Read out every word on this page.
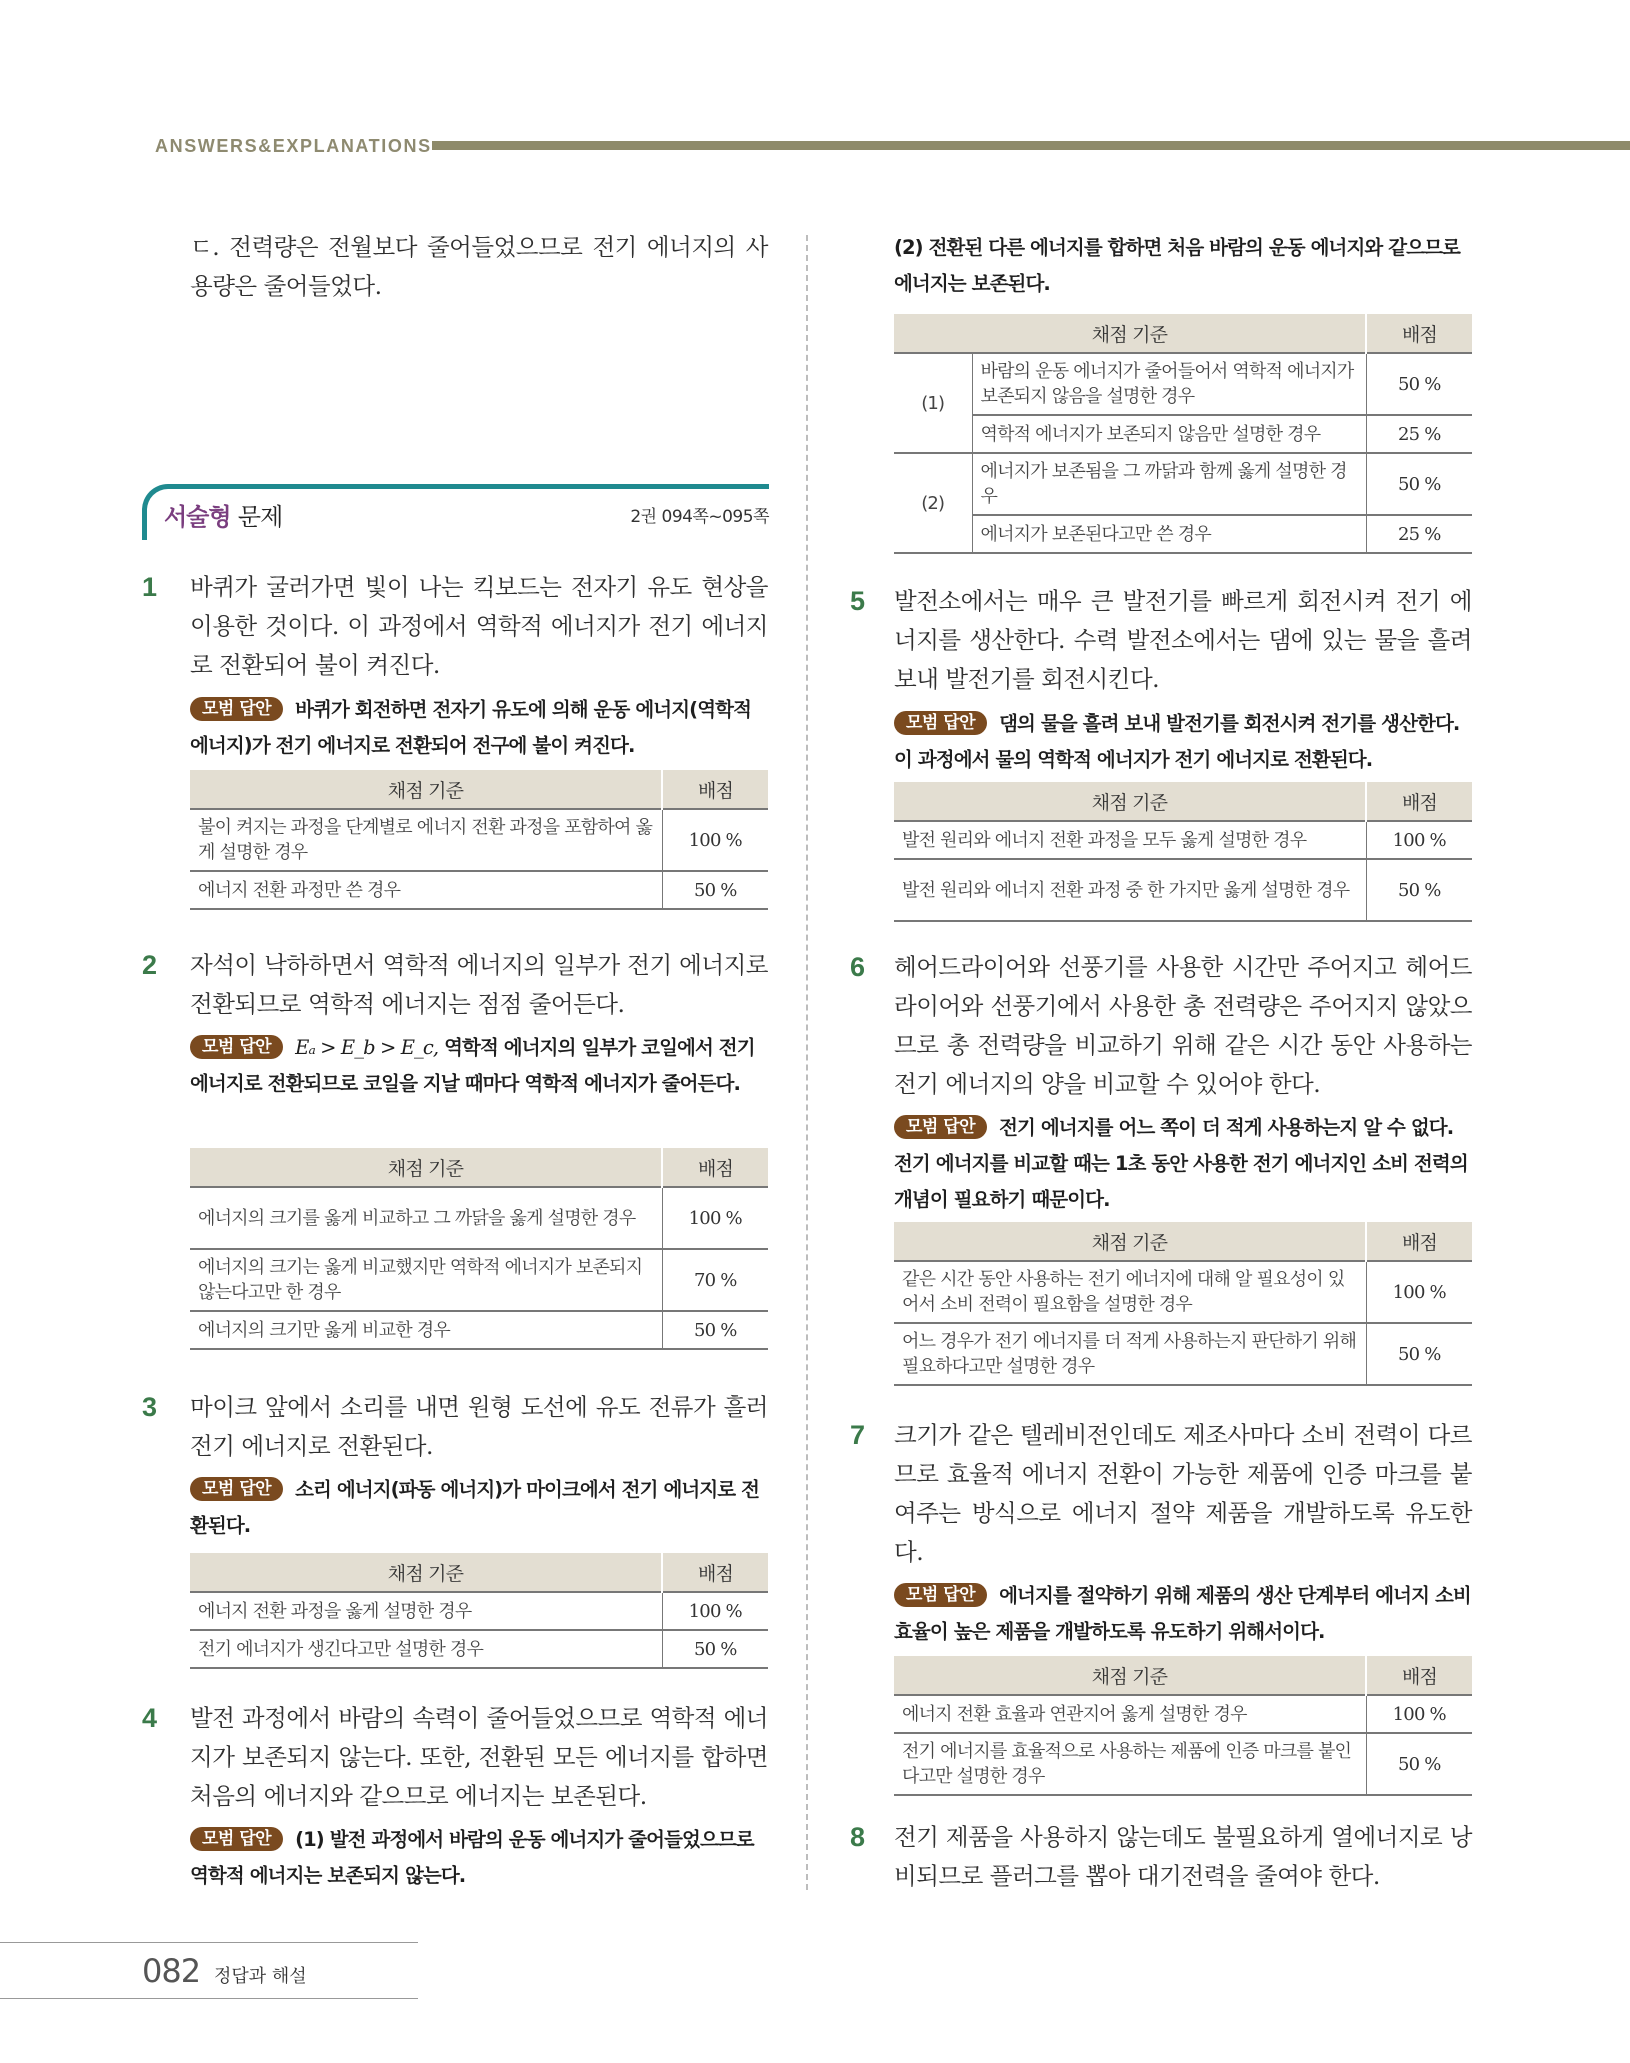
ANSWERS&EXPLANATIONS
ㄷ. 전력량은 전월보다 줄어들었으므로 전기 에너지의 사용량은 줄어들었다.
서술형 문제	2권 094쪽~095쪽
1 바퀴가 굴러가면 빛이 나는 킥보드는 전자기 유도 현상을 이용한 것이다. 이 과정에서 역학적 에너지가 전기 에너지로 전환되어 불이 켜진다.
모범 답안 바퀴가 회전하면 전자기 유도에 의해 운동 에너지(역학적 에너지)가 전기 에너지로 전환되어 전구에 불이 켜진다.
채점 기준	배점
불이 켜지는 과정을 단계별로 에너지 전환 과정을 포함하여 옳게 설명한 경우	100 %
에너지 전환 과정만 쓴 경우	50 %
2 자석이 낙하하면서 역학적 에너지의 일부가 전기 에너지로 전환되므로 역학적 에너지는 점점 줄어든다.
모범 답안 Eₐ > E_b > E_c, 역학적 에너지의 일부가 코일에서 전기 에너지로 전환되므로 코일을 지날 때마다 역학적 에너지가 줄어든다.
채점 기준	배점
에너지의 크기를 옳게 비교하고 그 까닭을 옳게 설명한 경우	100 %
에너지의 크기는 옳게 비교했지만 역학적 에너지가 보존되지 않는다고만 한 경우	70 %
에너지의 크기만 옳게 비교한 경우	50 %
3 마이크 앞에서 소리를 내면 원형 도선에 유도 전류가 흘러 전기 에너지로 전환된다.
모범 답안 소리 에너지(파동 에너지)가 마이크에서 전기 에너지로 전환된다.
채점 기준	배점
에너지 전환 과정을 옳게 설명한 경우	100 %
전기 에너지가 생긴다고만 설명한 경우	50 %
4 발전 과정에서 바람의 속력이 줄어들었으므로 역학적 에너지가 보존되지 않는다. 또한, 전환된 모든 에너지를 합하면 처음의 에너지와 같으므로 에너지는 보존된다.
모범 답안 (1) 발전 과정에서 바람의 운동 에너지가 줄어들었으므로 역학적 에너지는 보존되지 않는다.
(2) 전환된 다른 에너지를 합하면 처음 바람의 운동 에너지와 같으므로 에너지는 보존된다.
채점 기준		배점
(1)	바람의 운동 에너지가 줄어들어서 역학적 에너지가 보존되지 않음을 설명한 경우	50 %
	역학적 에너지가 보존되지 않음만 설명한 경우	25 %
(2)	에너지가 보존됨을 그 까닭과 함께 옳게 설명한 경우	50 %
	에너지가 보존된다고만 쓴 경우	25 %
5 발전소에서는 매우 큰 발전기를 빠르게 회전시켜 전기 에너지를 생산한다. 수력 발전소에서는 댐에 있는 물을 흘려 보내 발전기를 회전시킨다.
모범 답안 댐의 물을 흘려 보내 발전기를 회전시켜 전기를 생산한다. 이 과정에서 물의 역학적 에너지가 전기 에너지로 전환된다.
채점 기준	배점
발전 원리와 에너지 전환 과정을 모두 옳게 설명한 경우	100 %
발전 원리와 에너지 전환 과정 중 한 가지만 옳게 설명한 경우	50 %
6 헤어드라이어와 선풍기를 사용한 시간만 주어지고 헤어드라이어와 선풍기에서 사용한 총 전력량은 주어지지 않았으므로 총 전력량을 비교하기 위해 같은 시간 동안 사용하는 전기 에너지의 양을 비교할 수 있어야 한다.
모범 답안 전기 에너지를 어느 쪽이 더 적게 사용하는지 알 수 없다. 전기 에너지를 비교할 때는 1초 동안 사용한 전기 에너지인 소비 전력의 개념이 필요하기 때문이다.
채점 기준	배점
같은 시간 동안 사용하는 전기 에너지에 대해 알 필요성이 있어서 소비 전력이 필요함을 설명한 경우	100 %
어느 경우가 전기 에너지를 더 적게 사용하는지 판단하기 위해 필요하다고만 설명한 경우	50 %
7 크기가 같은 텔레비전인데도 제조사마다 소비 전력이 다르므로 효율적 에너지 전환이 가능한 제품에 인증 마크를 붙여주는 방식으로 에너지 절약 제품을 개발하도록 유도한다.
모범 답안 에너지를 절약하기 위해 제품의 생산 단계부터 에너지 소비 효율이 높은 제품을 개발하도록 유도하기 위해서이다.
채점 기준	배점
에너지 전환 효율과 연관지어 옳게 설명한 경우	100 %
전기 에너지를 효율적으로 사용하는 제품에 인증 마크를 붙인다고만 설명한 경우	50 %
8 전기 제품을 사용하지 않는데도 불필요하게 열에너지로 낭비되므로 플러그를 뽑아 대기전력을 줄여야 한다.
082 정답과 해설
